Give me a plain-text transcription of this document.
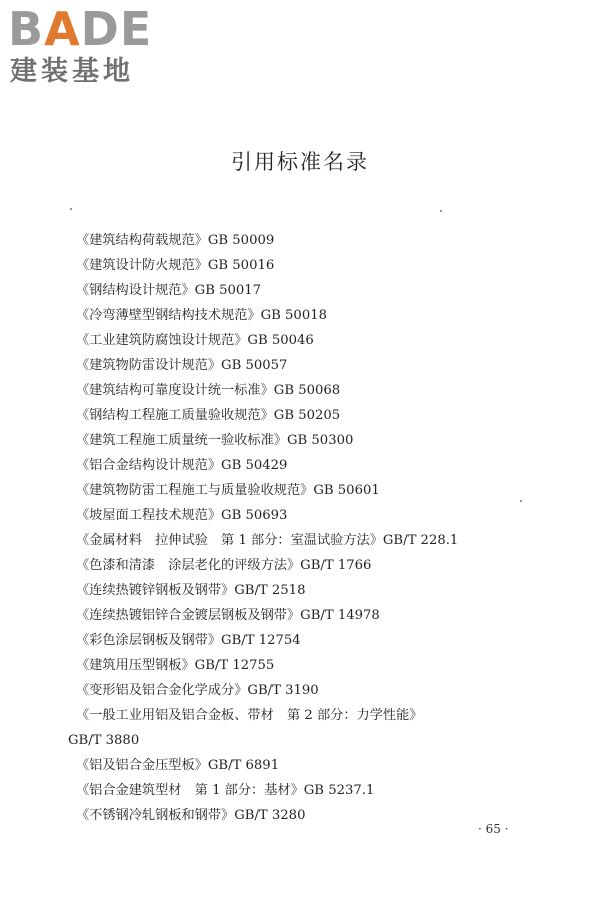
BADE
建装基地
引用标准名录
《建筑结构荷载规范》GB 50009
《建筑设计防火规范》GB 50016
《钢结构设计规范》GB 50017
《冷弯薄壁型钢结构技术规范》GB 50018
《工业建筑防腐蚀设计规范》GB 50046
《建筑物防雷设计规范》GB 50057
《建筑结构可靠度设计统一标准》GB 50068
《钢结构工程施工质量验收规范》GB 50205
《建筑工程施工质量统一验收标准》GB 50300
《铝合金结构设计规范》GB 50429
《建筑物防雷工程施工与质量验收规范》GB 50601
《坡屋面工程技术规范》GB 50693
《金属材料　拉伸试验　第 1 部分：室温试验方法》GB/T 228.1
《色漆和清漆　涂层老化的评级方法》GB/T 1766
《连续热镀锌钢板及钢带》GB/T 2518
《连续热镀铝锌合金镀层钢板及钢带》GB/T 14978
《彩色涂层钢板及钢带》GB/T 12754
《建筑用压型钢板》GB/T 12755
《变形铝及铝合金化学成分》GB/T 3190
《一般工业用铝及铝合金板、带材　第 2 部分：力学性能》
GB/T 3880
《铝及铝合金压型板》GB/T 6891
《铝合金建筑型材　第 1 部分：基材》GB 5237.1
《不锈钢冷轧钢板和钢带》GB/T 3280
· 65 ·
